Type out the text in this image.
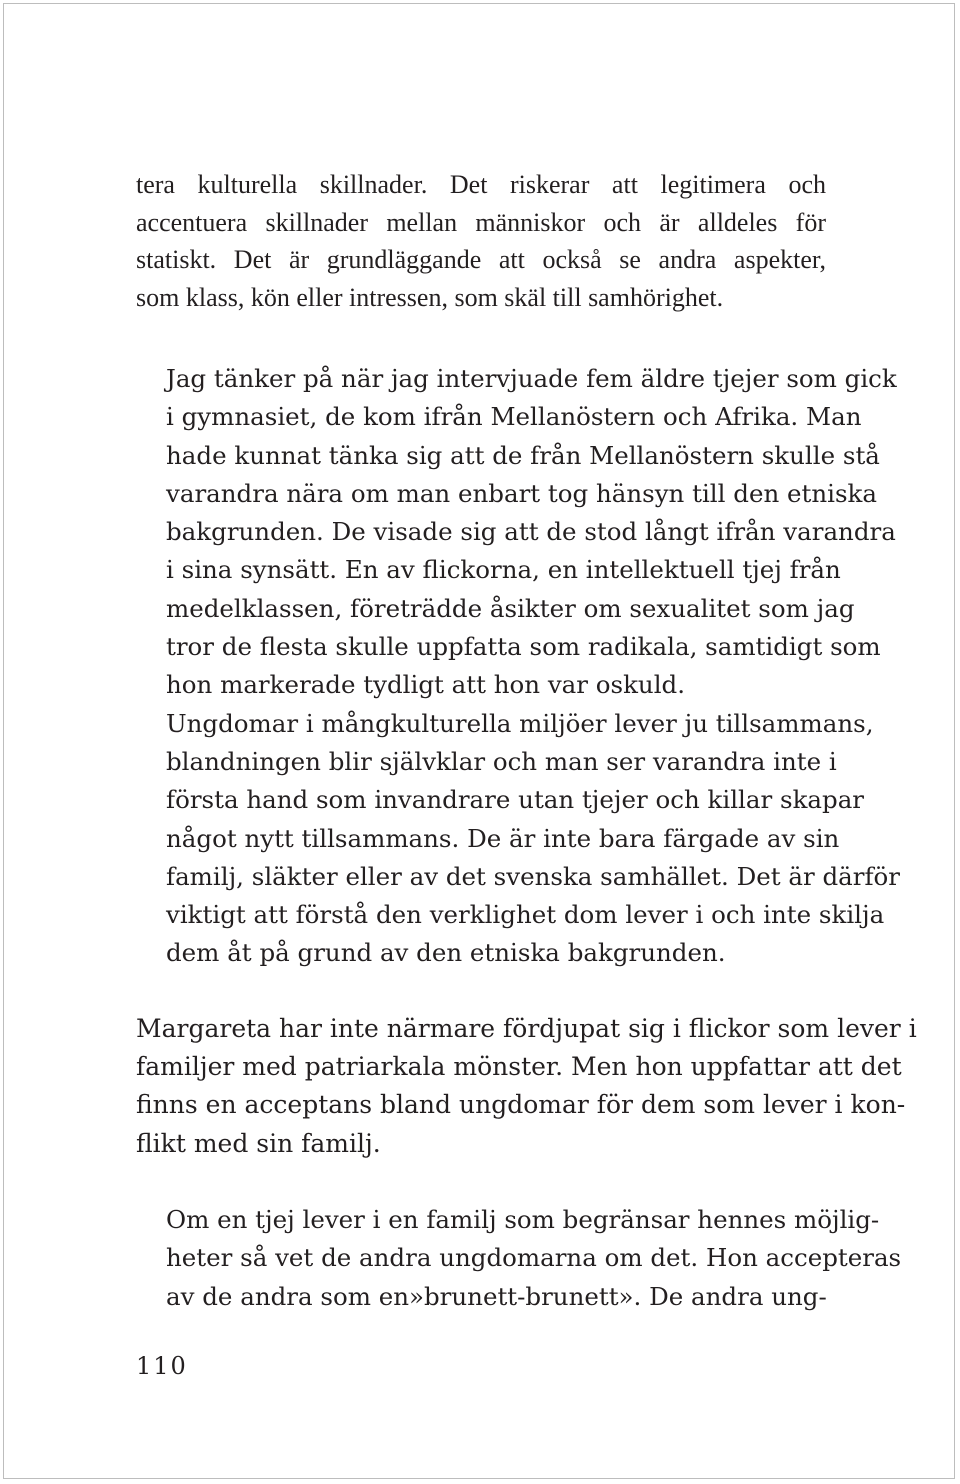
tera kulturella skillnader. Det riskerar att legitimera och
accentuera skillnader mellan människor och är alldeles för
statiskt. Det är grundläggande att också se andra aspekter,
som klass, kön eller intressen, som skäl till samhörighet.
Jag tänker på när jag intervjuade fem äldre tjejer som gick
i gymnasiet, de kom ifrån Mellanöstern och Afrika. Man
hade kunnat tänka sig att de från Mellanöstern skulle stå
varandra nära om man enbart tog hänsyn till den etniska
bakgrunden. De visade sig att de stod långt ifrån varandra
i sina synsätt. En av flickorna, en intellektuell tjej från
medelklassen, företrädde åsikter om sexualitet som jag
tror de flesta skulle uppfatta som radikala, samtidigt som
hon markerade tydligt att hon var oskuld.
Ungdomar i mångkulturella miljöer lever ju tillsammans,
blandningen blir självklar och man ser varandra inte i
första hand som invandrare utan tjejer och killar skapar
något nytt tillsammans. De är inte bara färgade av sin
familj, släkter eller av det svenska samhället. Det är därför
viktigt att förstå den verklighet dom lever i och inte skilja
dem åt på grund av den etniska bakgrunden.
Margareta har inte närmare fördjupat sig i flickor som lever i
familjer med patriarkala mönster. Men hon uppfattar att det
finns en acceptans bland ungdomar för dem som lever i kon-
flikt med sin familj.
Om en tjej lever i en familj som begränsar hennes möjlig-
heter så vet de andra ungdomarna om det. Hon accepteras
av de andra som en»brunett-brunett». De andra ung-
110
